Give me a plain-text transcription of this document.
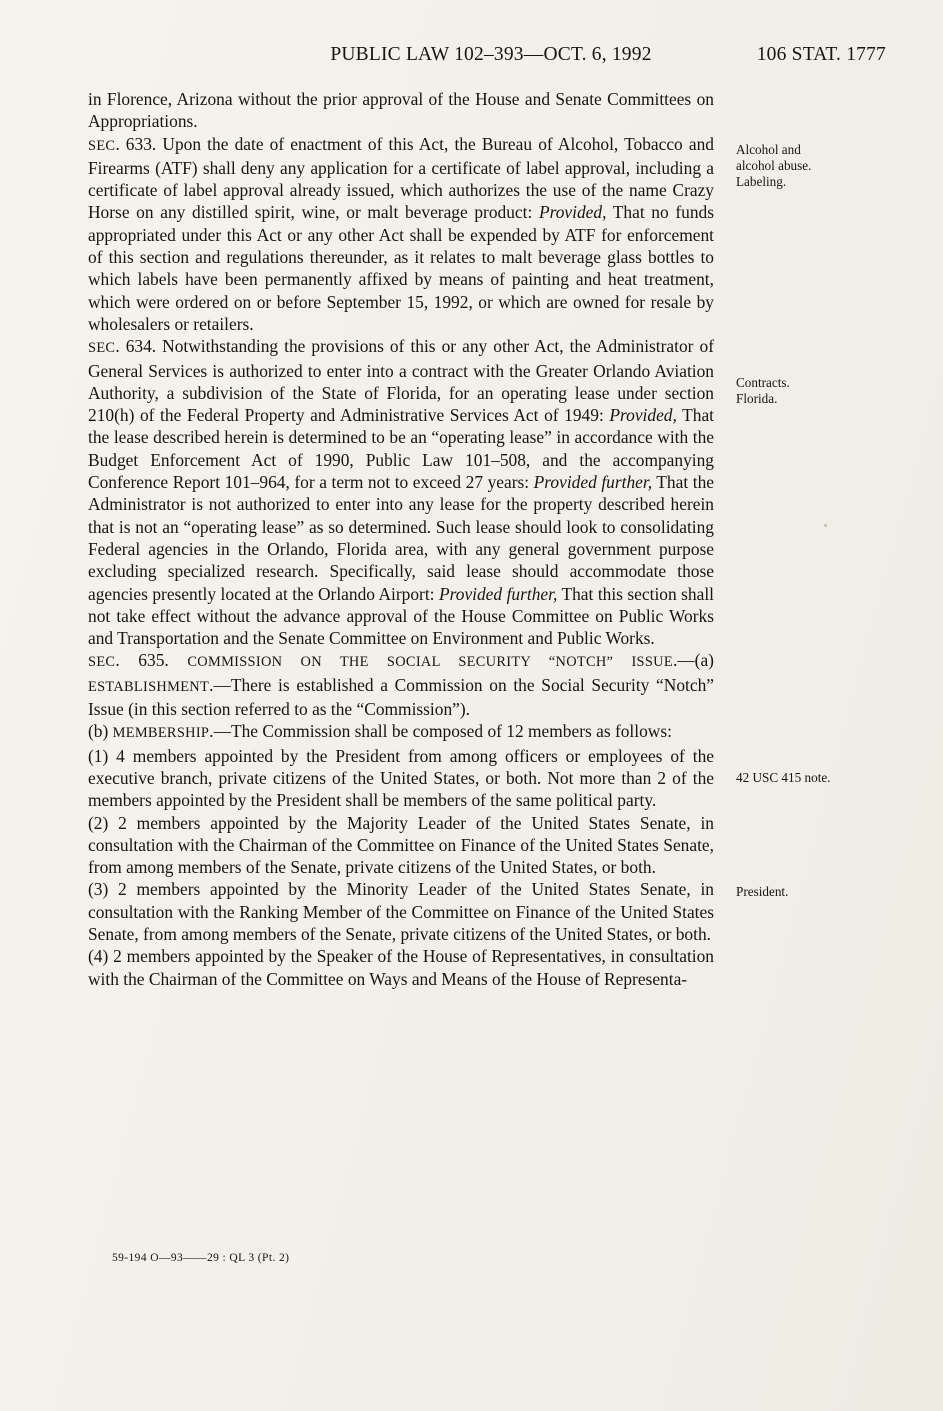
PUBLIC LAW 102–393—OCT. 6, 1992	106 STAT. 1777

in Florence, Arizona without the prior approval of the House and Senate Committees on Appropriations.

SEC. 633. Upon the date of enactment of this Act, the Bureau of Alcohol, Tobacco and Firearms (ATF) shall deny any application for a certificate of label approval, including a certificate of label approval already issued, which authorizes the use of the name Crazy Horse on any distilled spirit, wine, or malt beverage product: Provided, That no funds appropriated under this Act or any other Act shall be expended by ATF for enforcement of this section and regulations thereunder, as it relates to malt beverage glass bottles to which labels have been permanently affixed by means of painting and heat treatment, which were ordered on or before September 15, 1992, or which are owned for resale by wholesalers or retailers.

SEC. 634. Notwithstanding the provisions of this or any other Act, the Administrator of General Services is authorized to enter into a contract with the Greater Orlando Aviation Authority, a subdivision of the State of Florida, for an operating lease under section 210(h) of the Federal Property and Administrative Services Act of 1949: Provided, That the lease described herein is determined to be an “operating lease” in accordance with the Budget Enforcement Act of 1990, Public Law 101–508, and the accompanying Conference Report 101–964, for a term not to exceed 27 years: Provided further, That the Administrator is not authorized to enter into any lease for the property described herein that is not an “operating lease” as so determined. Such lease should look to consolidating Federal agencies in the Orlando, Florida area, with any general government purpose excluding specialized research. Specifically, said lease should accommodate those agencies presently located at the Orlando Airport: Provided further, That this section shall not take effect without the advance approval of the House Committee on Public Works and Transportation and the Senate Committee on Environment and Public Works.

SEC. 635. COMMISSION ON THE SOCIAL SECURITY “NOTCH” ISSUE.—(a) ESTABLISHMENT.—There is established a Commission on the Social Security “Notch” Issue (in this section referred to as the “Commission”).

(b) MEMBERSHIP.—The Commission shall be composed of 12 members as follows:

(1) 4 members appointed by the President from among officers or employees of the executive branch, private citizens of the United States, or both. Not more than 2 of the members appointed by the President shall be members of the same political party.

(2) 2 members appointed by the Majority Leader of the United States Senate, in consultation with the Chairman of the Committee on Finance of the United States Senate, from among members of the Senate, private citizens of the United States, or both.

(3) 2 members appointed by the Minority Leader of the United States Senate, in consultation with the Ranking Member of the Committee on Finance of the United States Senate, from among members of the Senate, private citizens of the United States, or both.

(4) 2 members appointed by the Speaker of the House of Representatives, in consultation with the Chairman of the Committee on Ways and Means of the House of Representa-

Alcohol and
alcohol abuse.
Labeling.
Contracts.
Florida.
42 USC 415 note.
President.
59-194 O—93——29 : QL 3 (Pt. 2)
